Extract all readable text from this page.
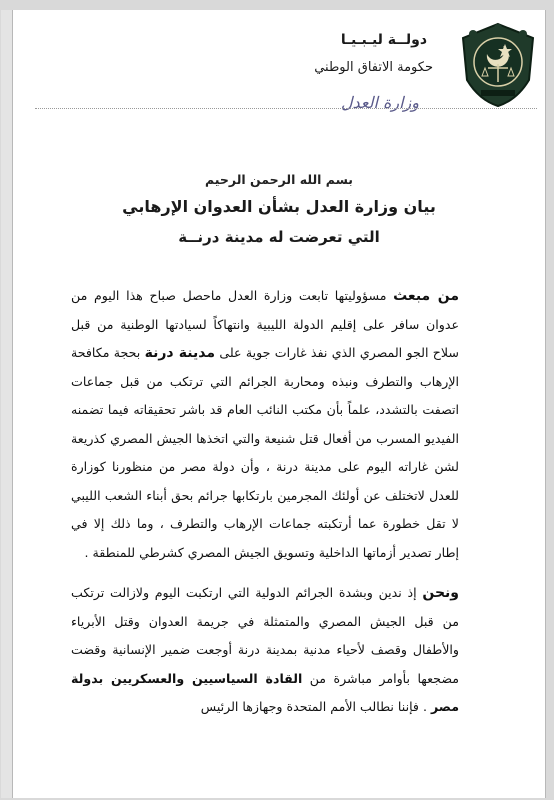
دولــة ليـبـيـا
حكومة الاتفاق الوطني
وزارة العدل
بسم الله الرحمن الرحيم
بيان وزارة العدل بشأن العدوان الإرهابي
التي تعرضت له مدينة درنــة

من مبعث مسؤوليتها تابعت وزارة العدل ماحصل صباح هذا اليوم من عدوان سافر على إقليم الدولة الليبية وانتهاكاً لسيادتها الوطنية من قبل سلاح الجو المصري الذي نفذ غارات جوية على مدينة درنة بحجة مكافحة الإرهاب والتطرف ونبذه ومحاربة الجرائم التي ترتكب من قبل جماعات اتصفت بالتشدد، علماً بأن مكتب النائب العام قد باشر تحقيقاته فيما تضمنه الفيديو المسرب من أفعال قتل شنيعة والتي اتخذها الجيش المصري كذريعة لشن غاراته اليوم على مدينة درنة ، وأن دولة مصر من منظورنا كوزارة للعدل لاتختلف عن أولئك المجرمين بارتكابها جرائم بحق أبناء الشعب الليبي لا تقل خطورة عما أرتكبته جماعات الإرهاب والتطرف ، وما ذلك إلا في إطار تصدير أزماتها الداخلية وتسويق الجيش المصري كشرطي للمنطقة .

ونحن إذ ندين وبشدة الجرائم الدولية التي ارتكبت اليوم ولازالت ترتكب من قبل الجيش المصري والمتمثلة في جريمة العدوان وقتل الأبرياء والأطفال وقصف لأحياء مدنية بمدينة درنة أوجعت ضمير الإنسانية وقضت مضجعها بأوامر مباشرة من القادة السياسيين والعسكريين بدولة مصر . فإننا نطالب الأمم المتحدة وجهازها الرئيس
